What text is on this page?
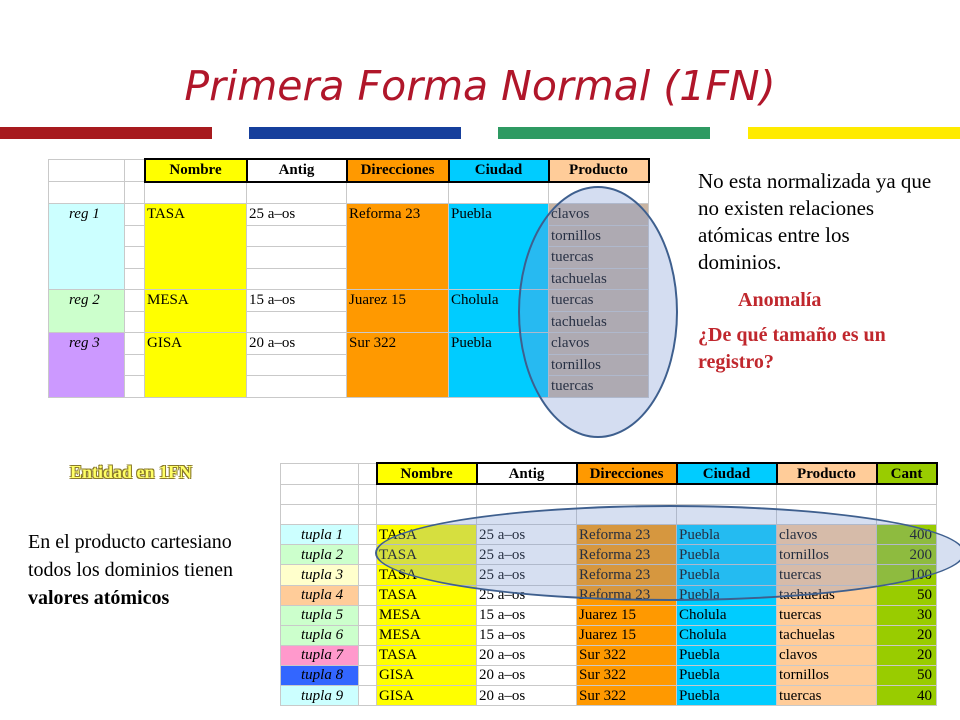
Primera Forma Normal (1FN)
		Nombre	Antig	Direcciones	Ciudad	Producto

reg 1		TASA	25 a–os	Reforma 23	Puebla	clavos
						tornillos
						tuercas
						tachuelas
reg 2		MESA	15 a–os	Juarez 15	Cholula	tuercas
						tachuelas
reg 3		GISA	20 a–os	Sur 322	Puebla	clavos
						tornillos
						tuercas
No esta normalizada ya que no existen relaciones atómicas entre los dominios.
Anomalía
¿De qué tamaño es un registro?
Entidad en 1FN
En el producto cartesiano todos los dominios tienen valores atómicos
		Nombre	Antig	Direcciones	Ciudad	Producto	Cant

tupla 1		TASA	25 a–os	Reforma 23	Puebla	clavos	400
tupla 2		TASA	25 a–os	Reforma 23	Puebla	tornillos	200
tupla 3		TASA	25 a–os	Reforma 23	Puebla	tuercas	100
tupla 4		TASA	25 a–os	Reforma 23	Puebla	tachuelas	50
tupla 5		MESA	15 a–os	Juarez 15	Cholula	tuercas	30
tupla 6		MESA	15 a–os	Juarez 15	Cholula	tachuelas	20
tupla 7		TASA	20 a–os	Sur 322	Puebla	clavos	20
tupla 8		GISA	20 a–os	Sur 322	Puebla	tornillos	50
tupla 9		GISA	20 a–os	Sur 322	Puebla	tuercas	40
